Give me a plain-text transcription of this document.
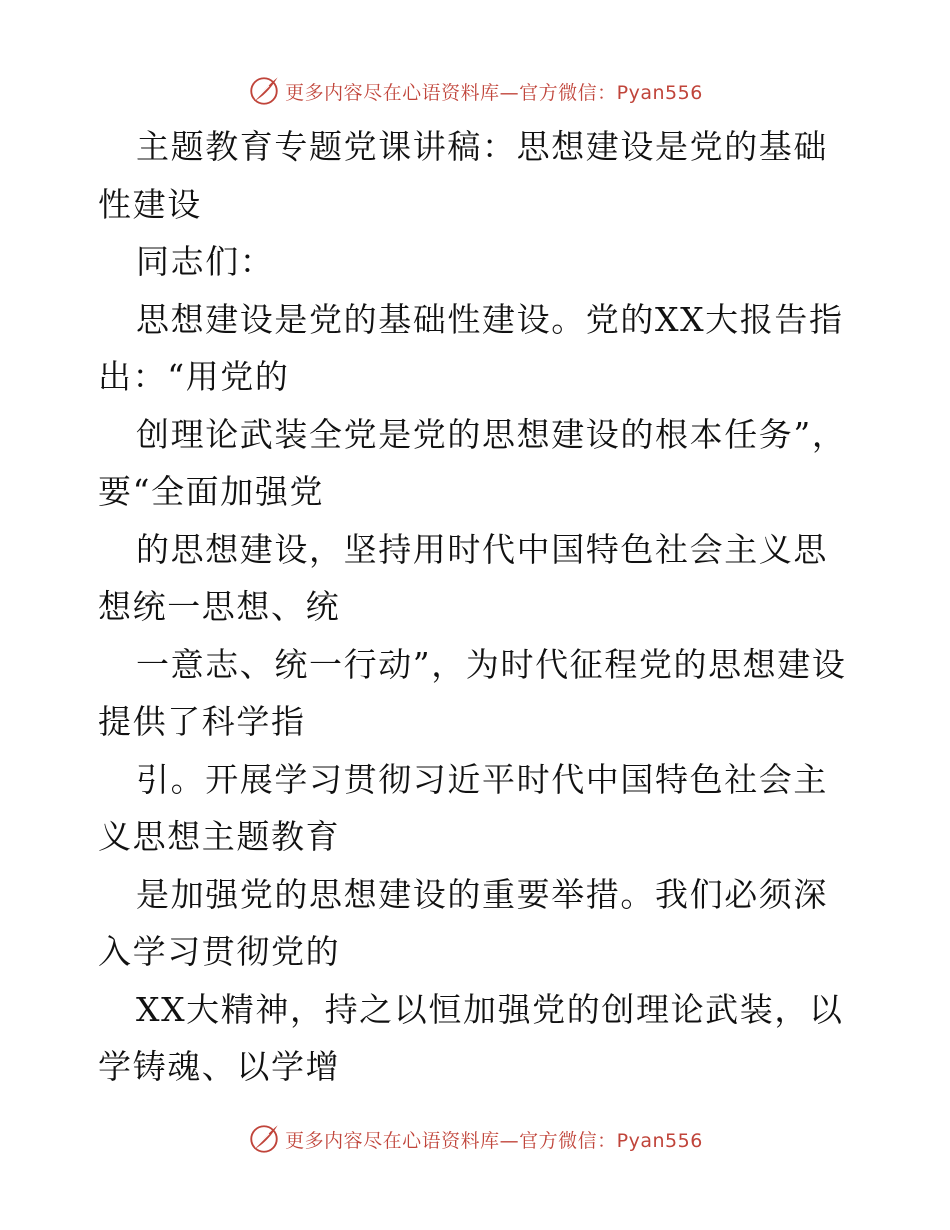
更多内容尽在心语资料库—官方微信：Pyan556

主题教育专题党课讲稿：思想建设是党的基础性建设

同志们：

思想建设是党的基础性建设。党的XX大报告指出：“用党的

创理论武装全党是党的思想建设的根本任务”，要“全面加强党

的思想建设，坚持用时代中国特色社会主义思想统一思想、统

一意志、统一行动”，为时代征程党的思想建设提供了科学指

引。开展学习贯彻习近平时代中国特色社会主义思想主题教育

是加强党的思想建设的重要举措。我们必须深入学习贯彻党的

XX大精神，持之以恒加强党的创理论武装，以学铸魂、以学增

更多内容尽在心语资料库—官方微信：Pyan556
